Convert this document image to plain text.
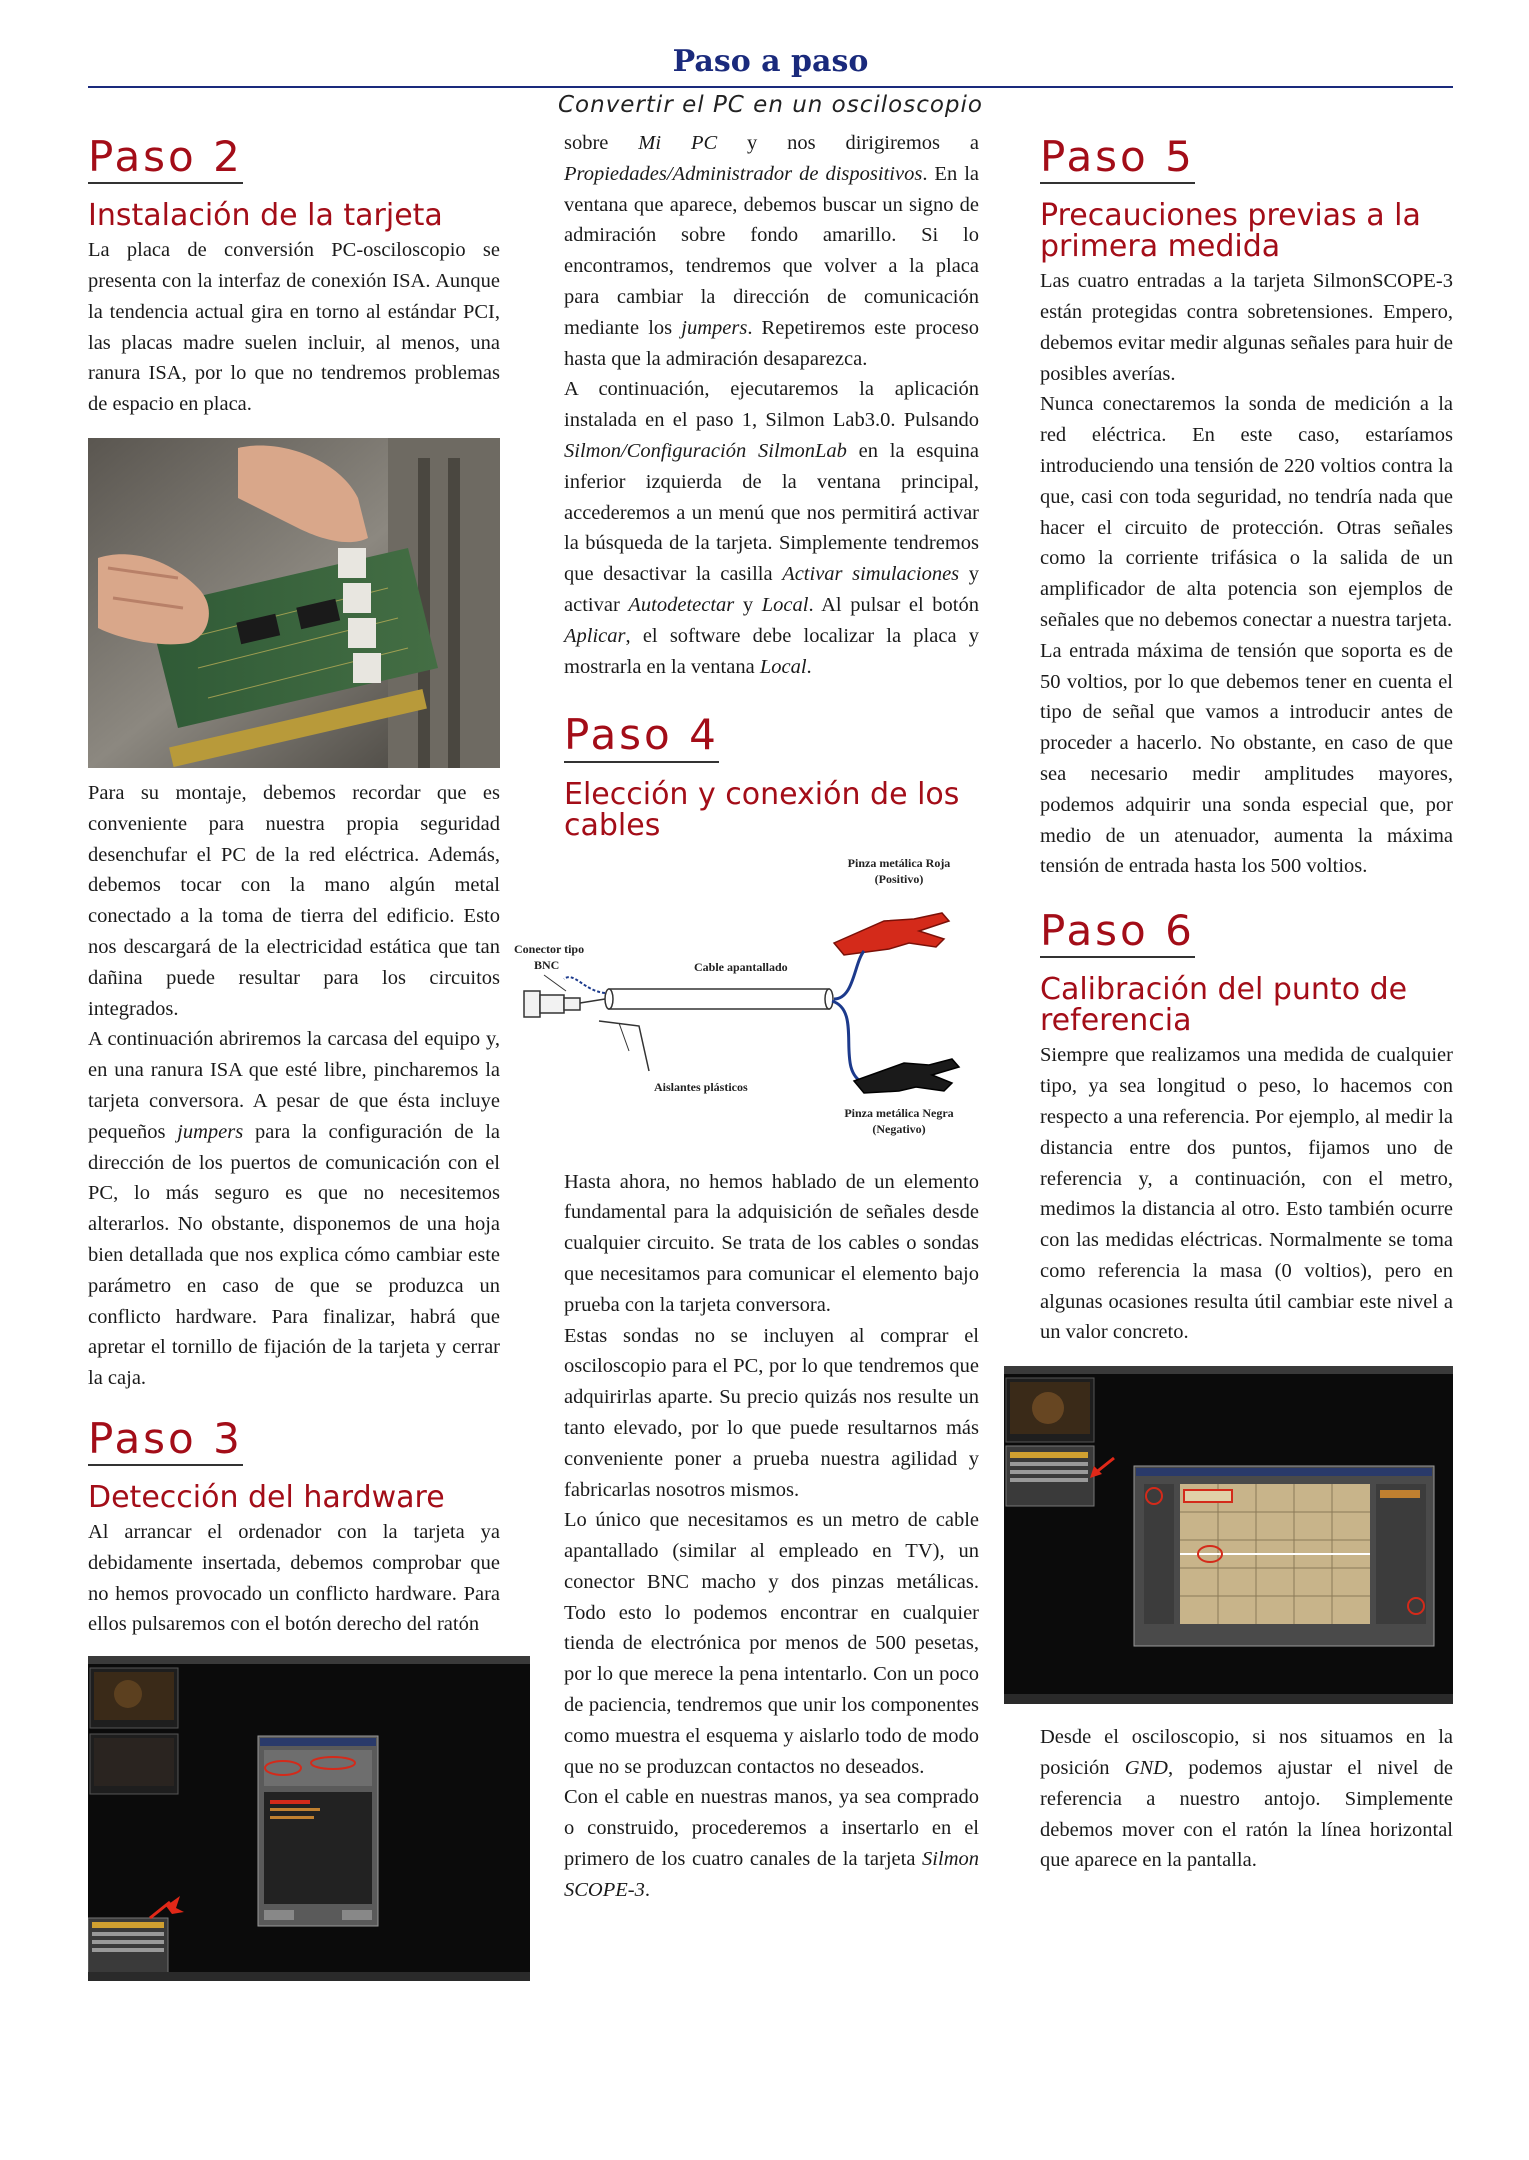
Paso a paso
Convertir el PC en un osciloscopio
Paso 2
Instalación de la tarjeta

La placa de conversión PC-osciloscopio se presenta con la interfaz de conexión ISA. Aunque la tendencia actual gira en torno al estándar PCI, las placas madre suelen incluir, al menos, una ranura ISA, por lo que no tendremos problemas de espacio en placa.

Para su montaje, debemos recordar que es conveniente para nuestra propia seguridad desenchufar el PC de la red eléctrica. Además, debemos tocar con la mano algún metal conectado a la toma de tierra del edificio. Esto nos descargará de la electricidad estática que tan dañina puede resultar para los circuitos integrados.

A continuación abriremos la carcasa del equipo y, en una ranura ISA que esté libre, pincharemos la tarjeta conversora. A pesar de que ésta incluye pequeños jumpers para la configuración de la dirección de los puertos de comunicación con el PC, lo más seguro es que no necesitemos alterarlos. No obstante, disponemos de una hoja bien detallada que nos explica cómo cambiar este parámetro en caso de que se produzca un conflicto hardware. Para finalizar, habrá que apretar el tornillo de fijación de la tarjeta y cerrar la caja.

Paso 3
Detección del hardware

Al arrancar el ordenador con la tarjeta ya debidamente insertada, debemos comprobar que no hemos provocado un conflicto hardware. Para ellos pulsaremos con el botón derecho del ratón

sobre Mi PC y nos dirigiremos a Propiedades/Administrador de dispositivos. En la ventana que aparece, debemos buscar un signo de admiración sobre fondo amarillo. Si lo encontramos, tendremos que volver a la placa para cambiar la dirección de comunicación mediante los jumpers. Repetiremos este proceso hasta que la admiración desaparezca.

A continuación, ejecutaremos la aplicación instalada en el paso 1, Silmon Lab3.0. Pulsando Silmon/Configuración SilmonLab en la esquina inferior izquierda de la ventana principal, accederemos a un menú que nos permitirá activar la búsqueda de la tarjeta. Simplemente tendremos que desactivar la casilla Activar simulaciones y activar Autodetectar y Local. Al pulsar el botón Aplicar, el software debe localizar la placa y mostrarla en la ventana Local.

Paso 4
Elección y conexión de los cables
Pinza metálica Roja
(Positivo)
Conector tipo
BNC	Cable apantallado
Aislantes plásticos
Pinza metálica Negra
(Negativo)

Hasta ahora, no hemos hablado de un elemento fundamental para la adquisición de señales desde cualquier circuito. Se trata de los cables o sondas que necesitamos para comunicar el elemento bajo prueba con la tarjeta conversora.

Estas sondas no se incluyen al comprar el osciloscopio para el PC, por lo que tendremos que adquirirlas aparte. Su precio quizás nos resulte un tanto elevado, por lo que puede resultarnos más conveniente poner a prueba nuestra agilidad y fabricarlas nosotros mismos.

Lo único que necesitamos es un metro de cable apantallado (similar al empleado en TV), un conector BNC macho y dos pinzas metálicas. Todo esto lo podemos encontrar en cualquier tienda de electrónica por menos de 500 pesetas, por lo que merece la pena intentarlo. Con un poco de paciencia, tendremos que unir los componentes como muestra el esquema y aislarlo todo de modo que no se produzcan contactos no deseados.

Con el cable en nuestras manos, ya sea comprado o construido, procederemos a insertarlo en el primero de los cuatro canales de la tarjeta Silmon SCOPE-3.

Paso 5
Precauciones previas a la primera medida

Las cuatro entradas a la tarjeta SilmonSCOPE-3 están protegidas contra sobretensiones. Empero, debemos evitar medir algunas señales para huir de posibles averías.

Nunca conectaremos la sonda de medición a la red eléctrica. En este caso, estaríamos introduciendo una tensión de 220 voltios contra la que, casi con toda seguridad, no tendría nada que hacer el circuito de protección. Otras señales como la corriente trifásica o la salida de un amplificador de alta potencia son ejemplos de señales que no debemos conectar a nuestra tarjeta.

La entrada máxima de tensión que soporta es de 50 voltios, por lo que debemos tener en cuenta el tipo de señal que vamos a introducir antes de proceder a hacerlo. No obstante, en caso de que sea necesario medir amplitudes mayores, podemos adquirir una sonda especial que, por medio de un atenuador, aumenta la máxima tensión de entrada hasta los 500 voltios.

Paso 6
Calibración del punto de referencia

Siempre que realizamos una medida de cualquier tipo, ya sea longitud o peso, lo hacemos con respecto a una referencia. Por ejemplo, al medir la distancia entre dos puntos, fijamos uno de referencia y, a continuación, con el metro, medimos la distancia al otro. Esto también ocurre con las medidas eléctricas. Normalmente se toma como referencia la masa (0 voltios), pero en algunas ocasiones resulta útil cambiar este nivel a un valor concreto.

Desde el osciloscopio, si nos situamos en la posición GND, podemos ajustar el nivel de referencia a nuestro antojo. Simplemente debemos mover con el ratón la línea horizontal que aparece en la pantalla.
